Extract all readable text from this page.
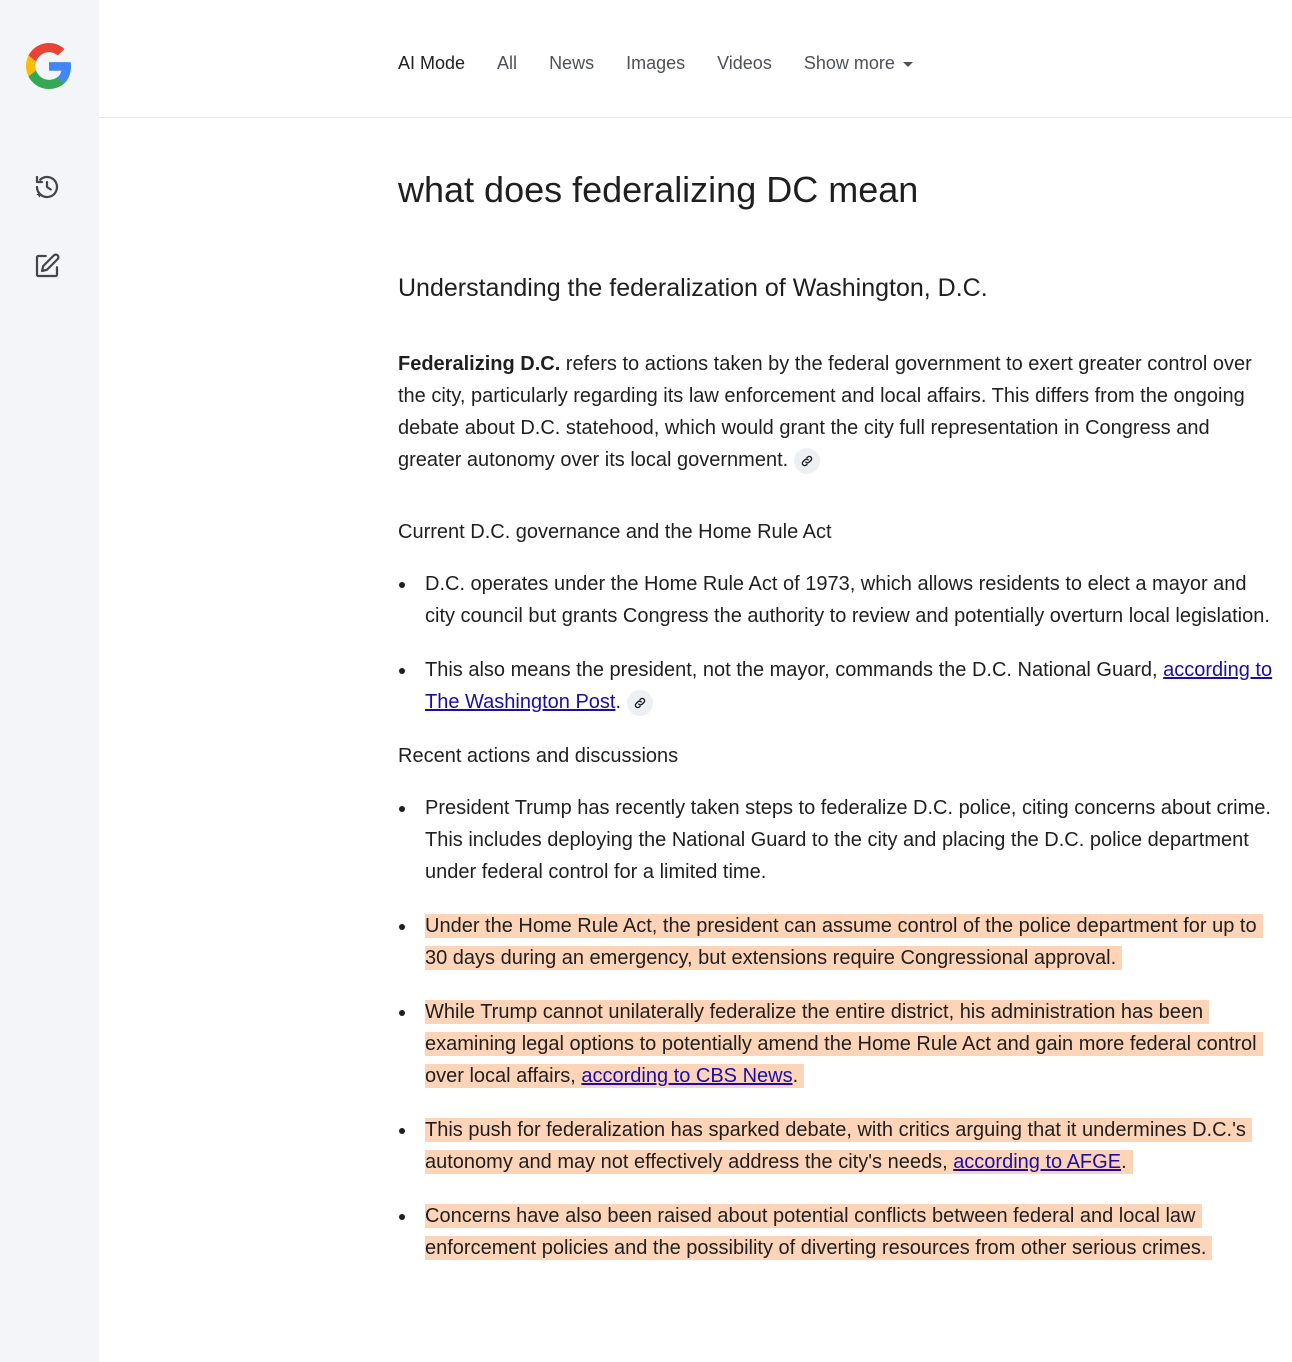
AI Mode All News Images Videos Show more
what does federalizing DC mean
Understanding the federalization of Washington, D.C.

Federalizing D.C. refers to actions taken by the federal government to exert greater control over the city, particularly regarding its law enforcement and local affairs. This differs from the ongoing debate about D.C. statehood, which would grant the city full representation in Congress and greater autonomy over its local government.

Current D.C. governance and the Home Rule Act
D.C. operates under the Home Rule Act of 1973, which allows residents to elect a mayor and city council but grants Congress the authority to review and potentially overturn local legislation.
This also means the president, not the mayor, commands the D.C. National Guard, according to The Washington Post.
Recent actions and discussions
President Trump has recently taken steps to federalize D.C. police, citing concerns about crime. This includes deploying the National Guard to the city and placing the D.C. police department under federal control for a limited time.
Under the Home Rule Act, the president can assume control of the police department for up to 30 days during an emergency, but extensions require Congressional approval.
While Trump cannot unilaterally federalize the entire district, his administration has been examining legal options to potentially amend the Home Rule Act and gain more federal control over local affairs, according to CBS News.
This push for federalization has sparked debate, with critics arguing that it undermines D.C.'s autonomy and may not effectively address the city's needs, according to AFGE.
Concerns have also been raised about potential conflicts between federal and local law enforcement policies and the possibility of diverting resources from other serious crimes.
